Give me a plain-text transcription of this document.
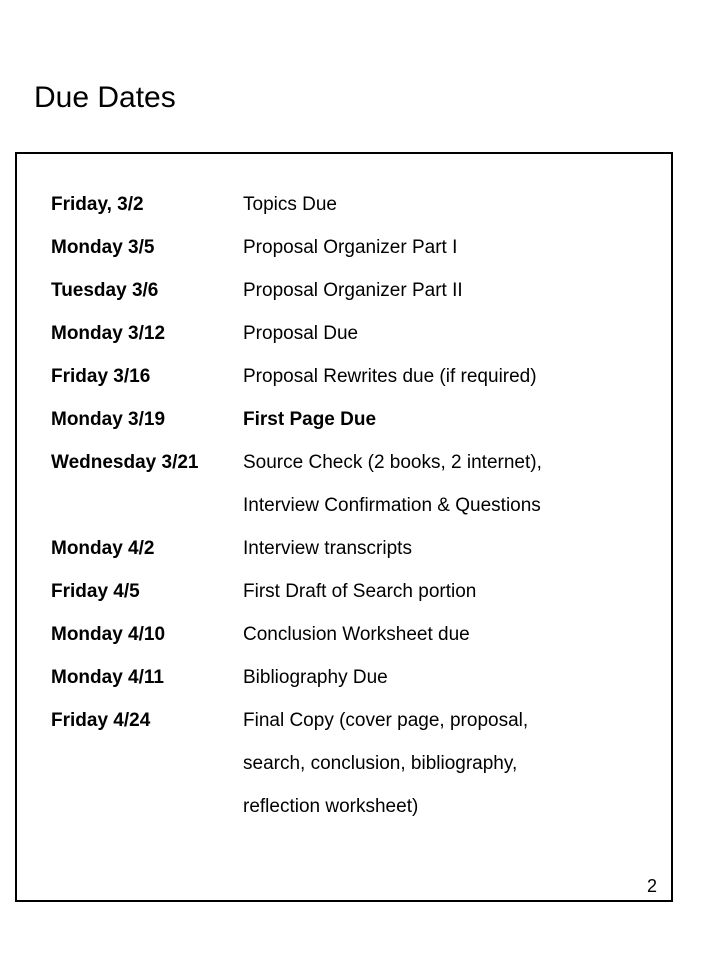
Due Dates
Friday, 3/2	Topics Due
Monday 3/5	Proposal Organizer Part I
Tuesday 3/6	Proposal Organizer Part II
Monday 3/12	Proposal Due
Friday 3/16	Proposal Rewrites due (if required)
Monday 3/19	First Page Due
Wednesday 3/21 Source Check (2 books, 2 internet),
Interview Confirmation & Questions
Monday 4/2	Interview transcripts
Friday 4/5	First Draft of Search portion
Monday 4/10	Conclusion Worksheet due
Monday 4/11	Bibliography Due
Friday 4/24	Final Copy (cover page, proposal,
search, conclusion, bibliography,
reflection worksheet)
2
